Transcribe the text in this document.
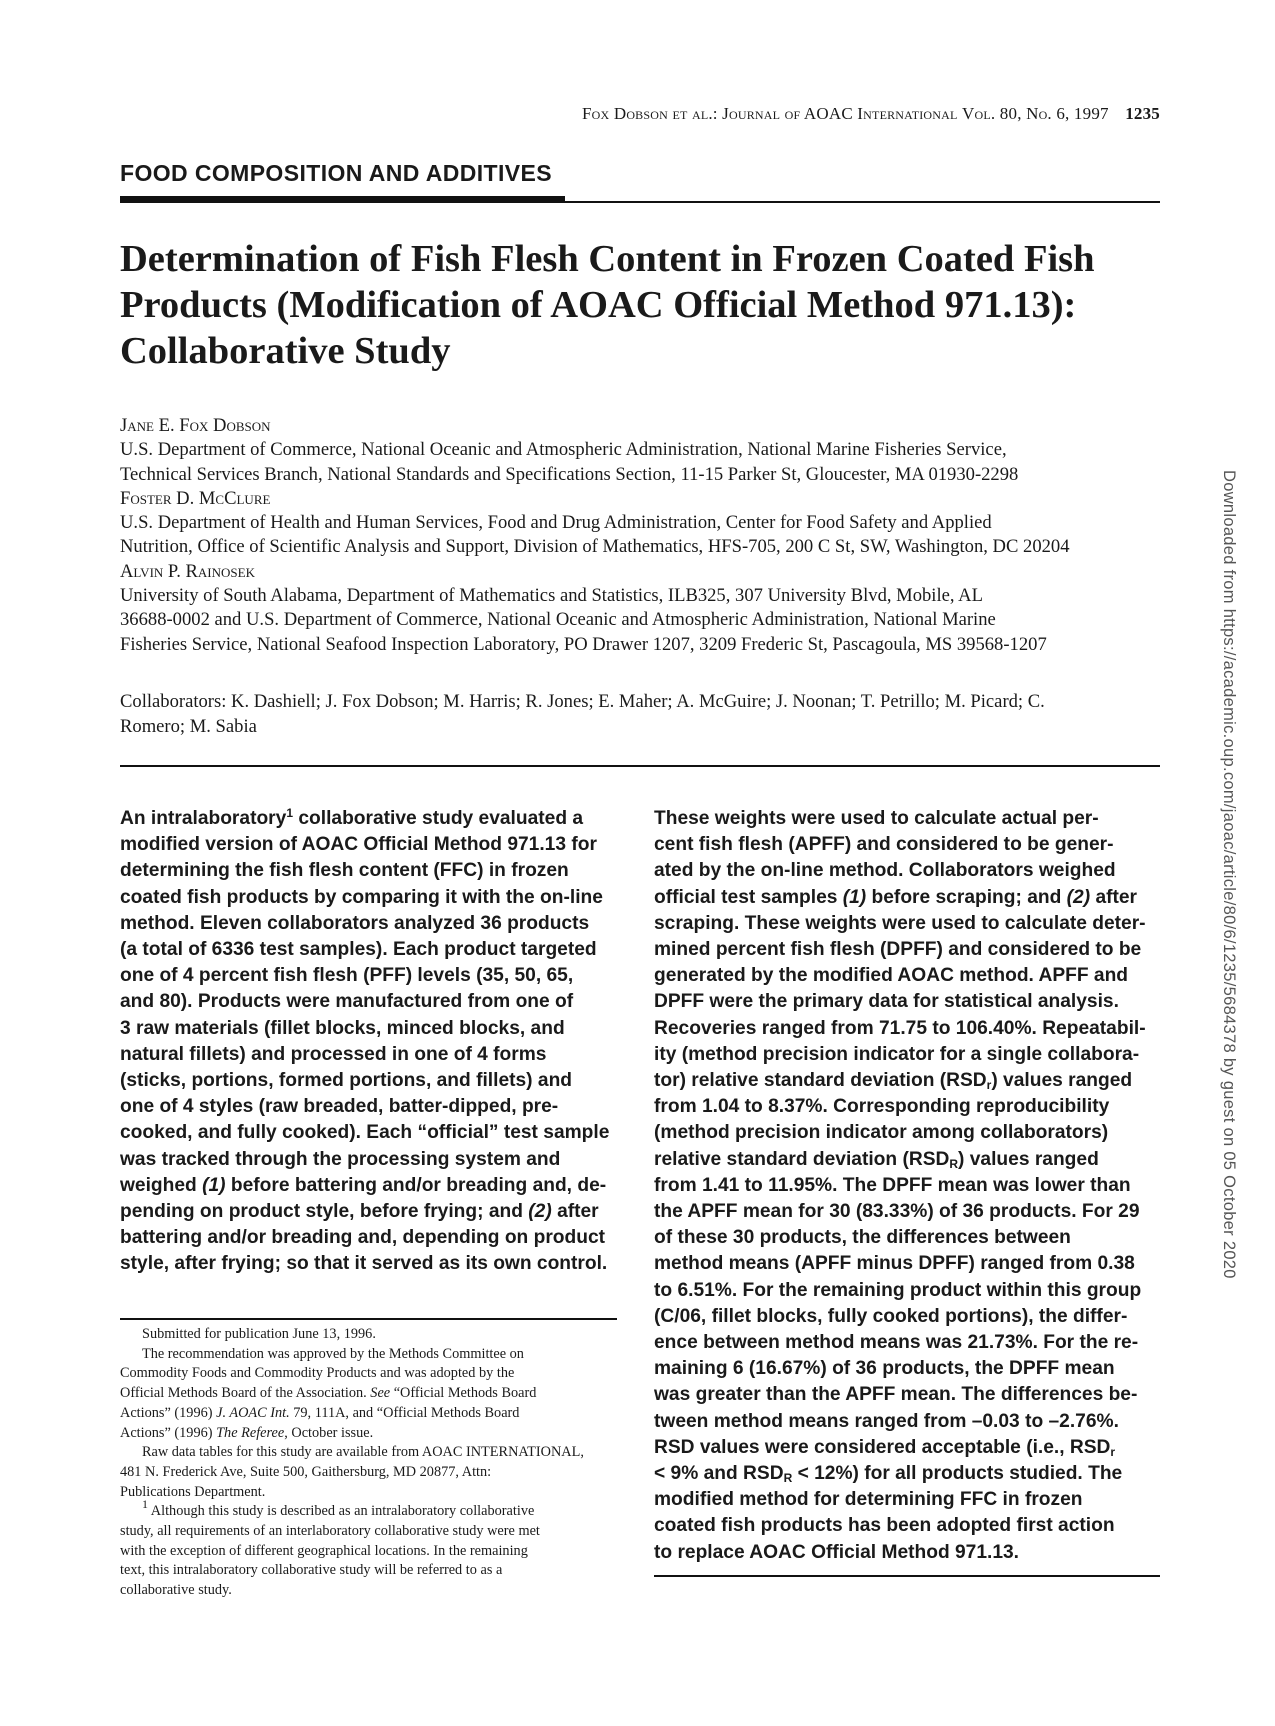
Fox Dobson et al.: Journal of AOAC International Vol. 80, No. 6, 1997 1235
FOOD COMPOSITION AND ADDITIVES
Determination of Fish Flesh Content in Frozen Coated Fish
Products (Modification of AOAC Official Method 971.13):
Collaborative Study
Jane E. Fox Dobson
U.S. Department of Commerce, National Oceanic and Atmospheric Administration, National Marine Fisheries Service,
Technical Services Branch, National Standards and Specifications Section, 11-15 Parker St, Gloucester, MA 01930-2298
Foster D. McClure
U.S. Department of Health and Human Services, Food and Drug Administration, Center for Food Safety and Applied
Nutrition, Office of Scientific Analysis and Support, Division of Mathematics, HFS-705, 200 C St, SW, Washington, DC 20204
Alvin P. Rainosek
University of South Alabama, Department of Mathematics and Statistics, ILB325, 307 University Blvd, Mobile, AL
36688-0002 and U.S. Department of Commerce, National Oceanic and Atmospheric Administration, National Marine
Fisheries Service, National Seafood Inspection Laboratory, PO Drawer 1207, 3209 Frederic St, Pascagoula, MS 39568-1207
Collaborators: K. Dashiell; J. Fox Dobson; M. Harris; R. Jones; E. Maher; A. McGuire; J. Noonan; T. Petrillo; M. Picard; C.
Romero; M. Sabia
An intralaboratory$^1$ collaborative study evaluated a
modified version of AOAC Official Method 971.13 for
determining the fish flesh content (FFC) in frozen
coated fish products by comparing it with the on-line
method. Eleven collaborators analyzed 36 products
(a total of 6336 test samples). Each product targeted
one of 4 percent fish flesh (PFF) levels (35, 50, 65,
and 80). Products were manufactured from one of
3 raw materials (fillet blocks, minced blocks, and
natural fillets) and processed in one of 4 forms
(sticks, portions, formed portions, and fillets) and
one of 4 styles (raw breaded, batter-dipped, pre-
cooked, and fully cooked). Each “official” test sample
was tracked through the processing system and
weighed (1) before battering and/or breading and, de-
pending on product style, before frying; and (2) after
battering and/or breading and, depending on product
style, after frying; so that it served as its own control.
These weights were used to calculate actual per-
cent fish flesh (APFF) and considered to be gener-
ated by the on-line method. Collaborators weighed
official test samples (1) before scraping; and (2) after
scraping. These weights were used to calculate deter-
mined percent fish flesh (DPFF) and considered to be
generated by the modified AOAC method. APFF and
DPFF were the primary data for statistical analysis.
Recoveries ranged from 71.75 to 106.40%. Repeatabil-
ity (method precision indicator for a single collabora-
tor) relative standard deviation $(RSD_r)$ values ranged
from 1.04 to 8.37%. Corresponding reproducibility
(method precision indicator among collaborators)
relative standard deviation $(RSD_R)$ values ranged
from 1.41 to 11.95%. The DPFF mean was lower than
the APFF mean for 30 (83.33%) of 36 products. For 29
of these 30 products, the differences between
method means (APFF minus DPFF) ranged from 0.38
to 6.51%. For the remaining product within this group
(C/06, fillet blocks, fully cooked portions), the differ-
ence between method means was 21.73%. For the re-
maining 6 (16.67%) of 36 products, the DPFF mean
was greater than the APFF mean. The differences be-
tween method means ranged from –0.03 to –2.76%.
RSD values were considered acceptable (i.e., $RSD_r$
< 9% and $RSD_R < 12\%$) for all products studied. The
modified method for determining FFC in frozen
coated fish products has been adopted first action
to replace AOAC Official Method 971.13.
Submitted for publication June 13, 1996.
The recommendation was approved by the Methods Committee on
Commodity Foods and Commodity Products and was adopted by the
Official Methods Board of the Association. See “Official Methods Board
Actions” (1996) J. AOAC Int. 79, 111A, and “Official Methods Board
Actions” (1996) The Referee, October issue.
Raw data tables for this study are available from AOAC INTERNATIONAL,
481 N. Frederick Ave, Suite 500, Gaithersburg, MD 20877, Attn:
Publications Department.
$^1$ Although this study is described as an intralaboratory collaborative
study, all requirements of an interlaboratory collaborative study were met
with the exception of different geographical locations. In the remaining
text, this intralaboratory collaborative study will be referred to as a
collaborative study.
Downloaded from https://academic.oup.com/jaoac/article/80/6/1235/5684378 by guest on 05 October 2020
